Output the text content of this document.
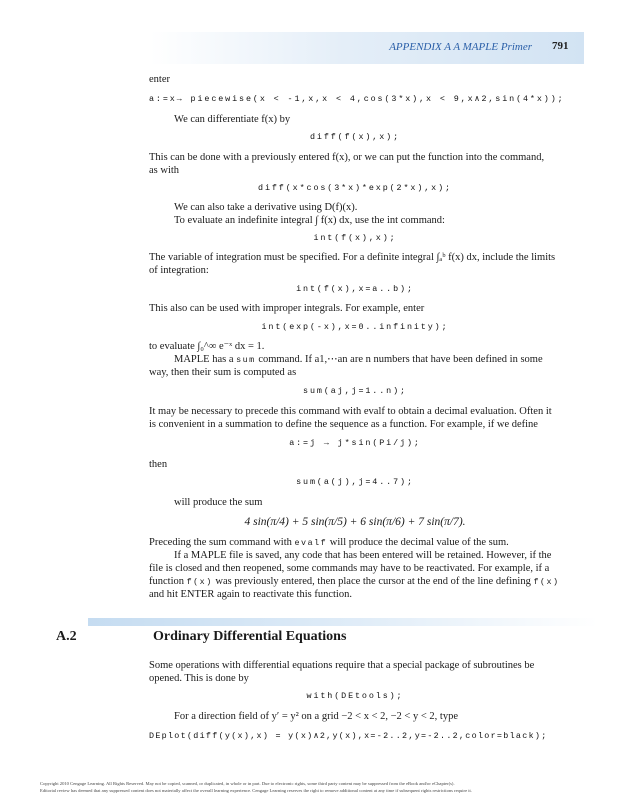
APPENDIX A A MAPLE Primer 791
enter
a:=x→ piecewise(x < -1,x,x < 4,cos(3*x),x < 9,x∧2,sin(4*x));
We can differentiate f(x) by
diff(f(x),x);
This can be done with a previously entered f(x), or we can put the function into the command,
as with
diff(x*cos(3*x)*exp(2*x),x);
We can also take a derivative using D(f)(x).
To evaluate an indefinite integral ∫ f(x) dx, use the int command:
int(f(x),x);
The variable of integration must be specified. For a definite integral ∫ₐᵇ f(x) dx, include the limits
of integration:
int(f(x),x=a..b);
This also can be used with improper integrals. For example, enter
int(exp(-x),x=0..infinity);
to evaluate ∫₀^∞ e⁻ˣ dx = 1.
MAPLE has a sum command. If a1,⋯an are n numbers that have been defined in some
way, then their sum is computed as
sum(aj,j=1..n);
It may be necessary to precede this command with evalf to obtain a decimal evaluation. Often it
is convenient in a summation to define the sequence as a function. For example, if we define
a:=j → j*sin(Pi/j);
then
sum(a(j),j=4..7);
will produce the sum
4 sin(π/4) + 5 sin(π/5) + 6 sin(π/6) + 7 sin(π/7).
Preceding the sum command with evalf will produce the decimal value of the sum.
If a MAPLE file is saved, any code that has been entered will be retained. However, if the
file is closed and then reopened, some commands may have to be reactivated. For example, if a
function f(x) was previously entered, then place the cursor at the end of the line defining f(x)
and hit ENTER again to reactivate this function.
A.2	Ordinary Differential Equations
Some operations with differential equations require that a special package of subroutines be
opened. This is done by
with(DEtools);
For a direction field of y′ = y² on a grid −2 < x < 2, −2 < y < 2, type
DEplot(diff(y(x),x) = y(x)∧2,y(x),x=-2..2,y=-2..2,color=black);
Copyright 2010 Cengage Learning. All Rights Reserved. May not be copied, scanned, or duplicated, in whole or in part. Due to electronic rights, some third party content may be suppressed from the eBook and/or eChapter(s).
Editorial review has deemed that any suppressed content does not materially affect the overall learning experience. Cengage Learning reserves the right to remove additional content at any time if subsequent rights restrictions require it.
